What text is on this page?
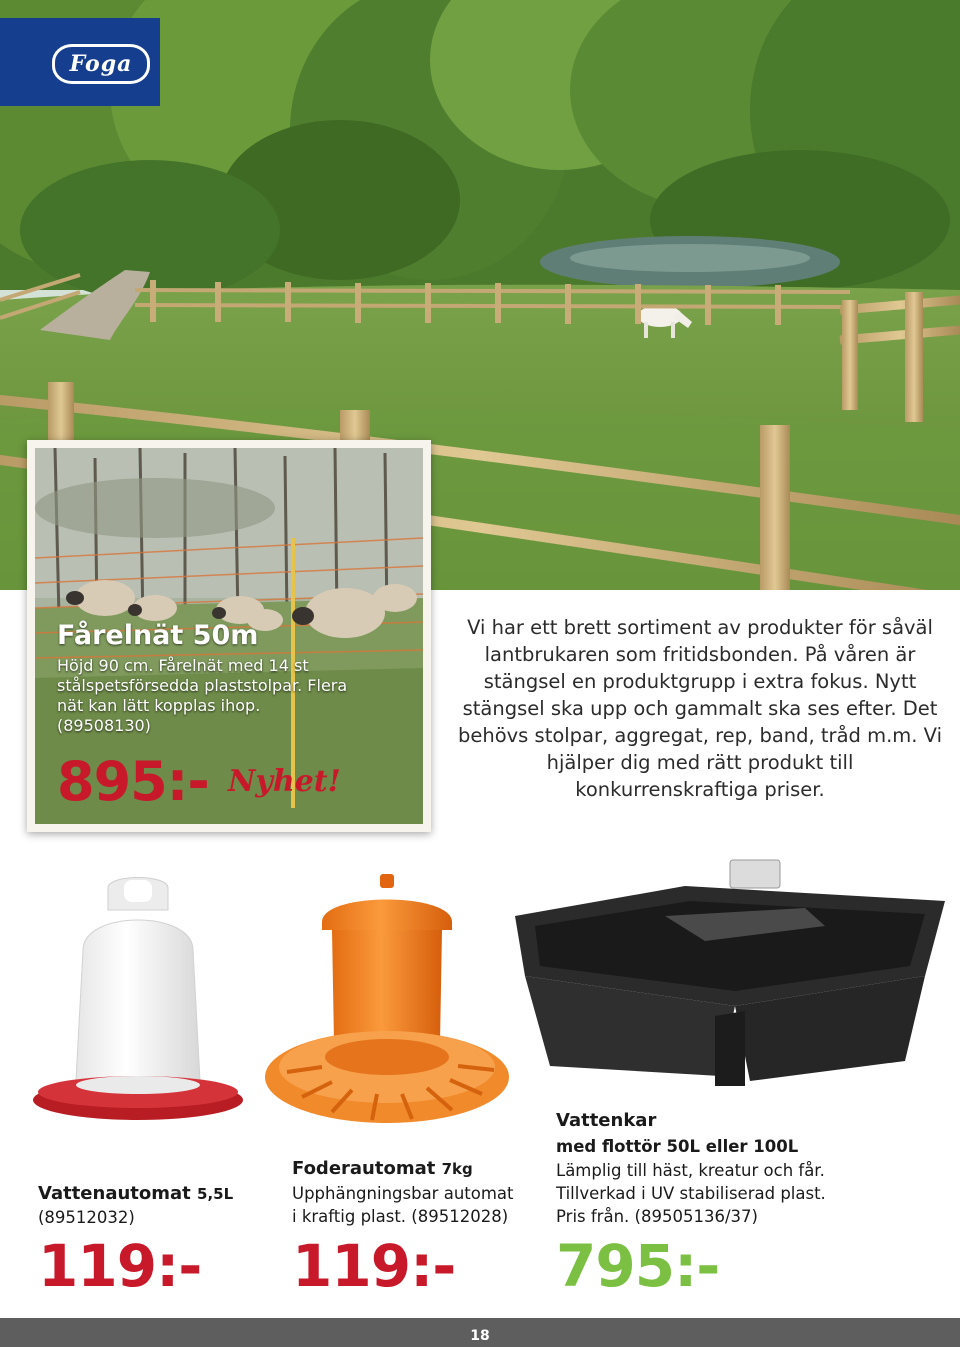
Foga

Vi har ett brett sortiment av produkter för såväl lantbrukaren som fritidsbonden. På våren är stängsel en produktgrupp i extra fokus. Nytt stängsel ska upp och gammalt ska ses efter. Det behövs stolpar, aggregat, rep, band, tråd m.m. Vi hjälper dig med rätt produkt till konkurrenskraftiga priser.

Fårelnät 50m

Höjd 90 cm. Fårelnät med 14 st stålspetsförsedda plaststolpar. Flera nät kan lätt kopplas ihop. (89508130)

895:- Nyhet!

Vattenautomat 5,5L

(89512032)

119:-

Foderautomat 7kg

Upphängningsbar automat

i kraftig plast. (89512028)

119:-

Vattenkar

med flottör 50L eller 100L

Lämplig till häst, kreatur och får.

Tillverkad i UV stabiliserad plast.

Pris från. (89505136/37)

795:-

18
